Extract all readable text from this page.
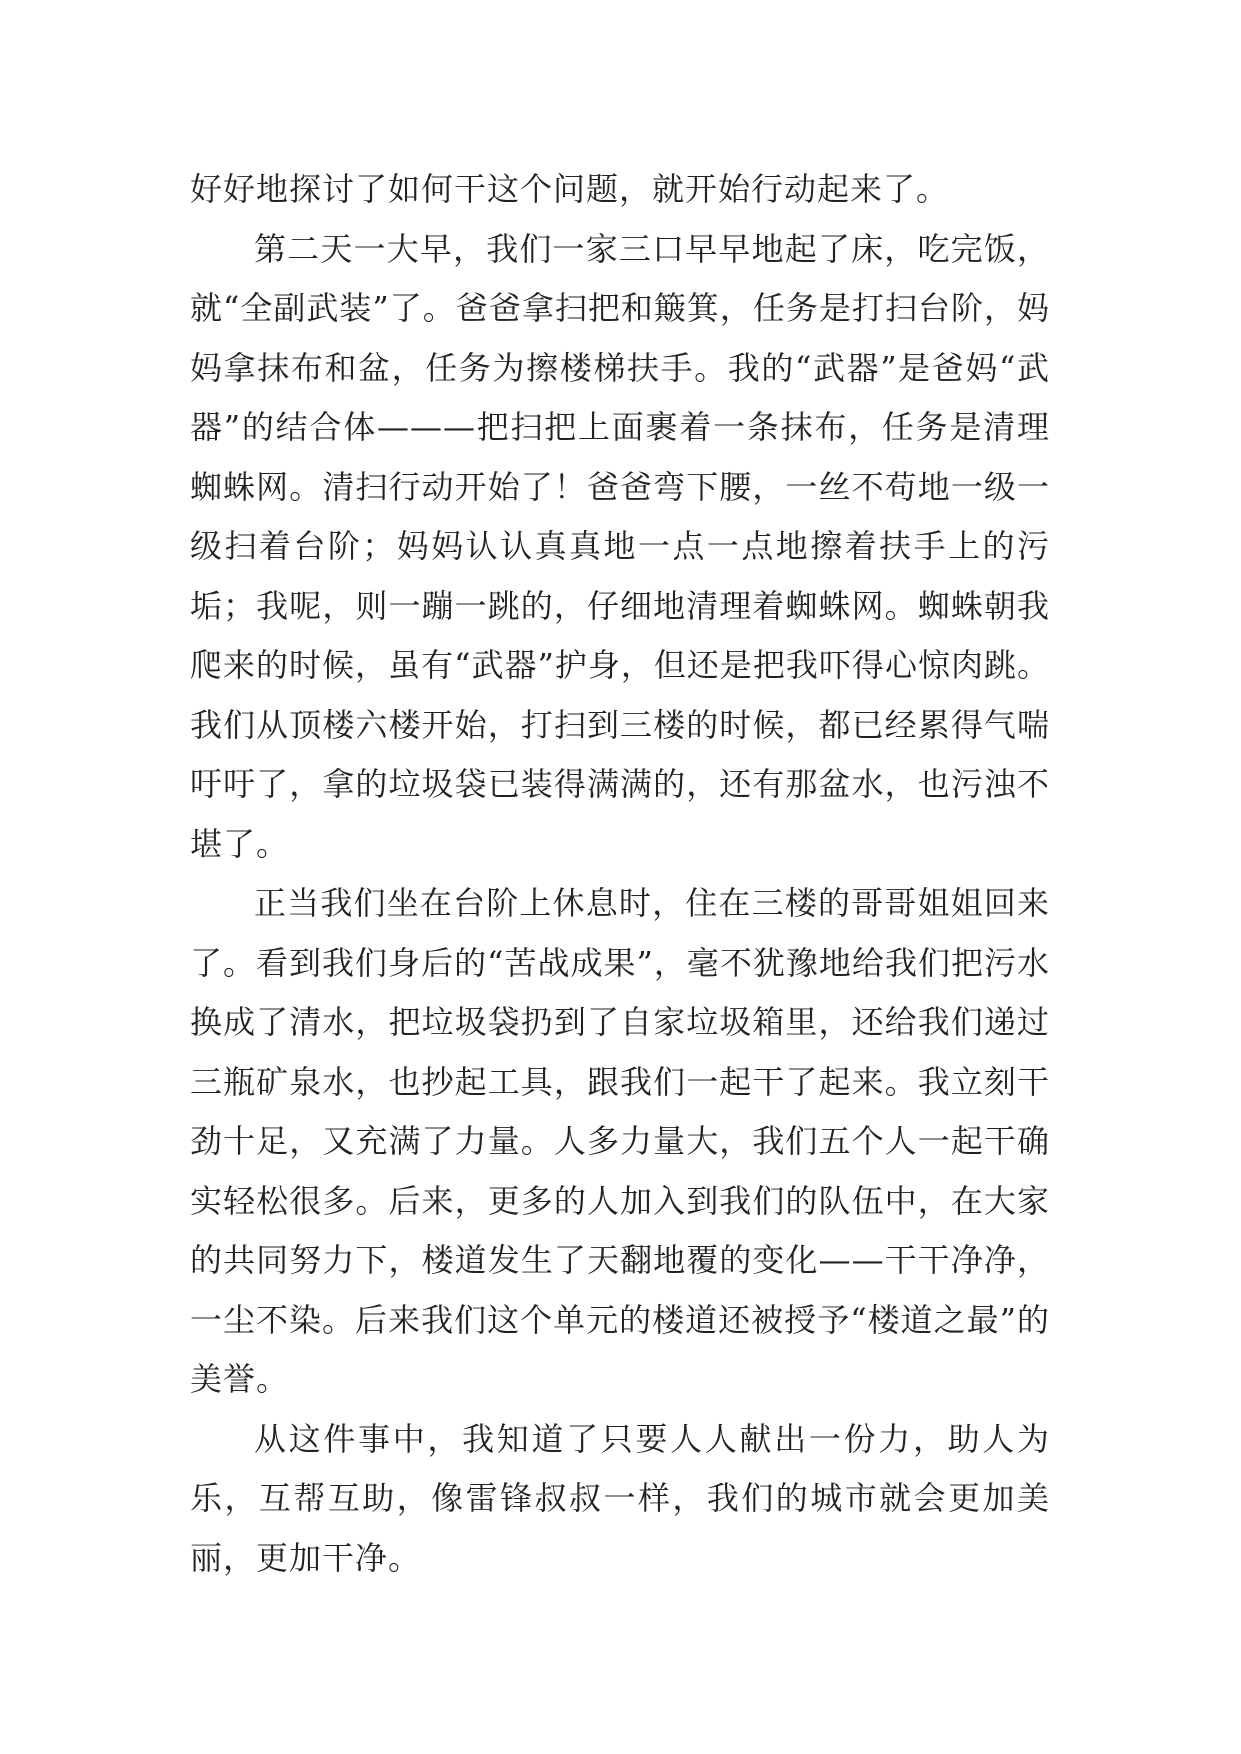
好好地探讨了如何干这个问题，就开始行动起来了。

第二天一大早，我们一家三口早早地起了床，吃完饭，就“全副武装”了。爸爸拿扫把和簸箕，任务是打扫台阶，妈妈拿抹布和盆，任务为擦楼梯扶手。我的“武器”是爸妈“武器”的结合体———把扫把上面裹着一条抹布，任务是清理蜘蛛网。清扫行动开始了！爸爸弯下腰，一丝不苟地一级一级扫着台阶；妈妈认认真真地一点一点地擦着扶手上的污垢；我呢，则一蹦一跳的，仔细地清理着蜘蛛网。蜘蛛朝我爬来的时候，虽有“武器”护身，但还是把我吓得心惊肉跳。我们从顶楼六楼开始，打扫到三楼的时候，都已经累得气喘吁吁了，拿的垃圾袋已装得满满的，还有那盆水，也污浊不堪了。

正当我们坐在台阶上休息时，住在三楼的哥哥姐姐回来了。看到我们身后的“苦战成果”，毫不犹豫地给我们把污水换成了清水，把垃圾袋扔到了自家垃圾箱里，还给我们递过三瓶矿泉水，也抄起工具，跟我们一起干了起来。我立刻干劲十足，又充满了力量。人多力量大，我们五个人一起干确实轻松很多。后来，更多的人加入到我们的队伍中，在大家的共同努力下，楼道发生了天翻地覆的变化——干干净净，一尘不染。后来我们这个单元的楼道还被授予“楼道之最”的美誉。

从这件事中，我知道了只要人人献出一份力，助人为乐，互帮互助，像雷锋叔叔一样，我们的城市就会更加美丽，更加干净。
